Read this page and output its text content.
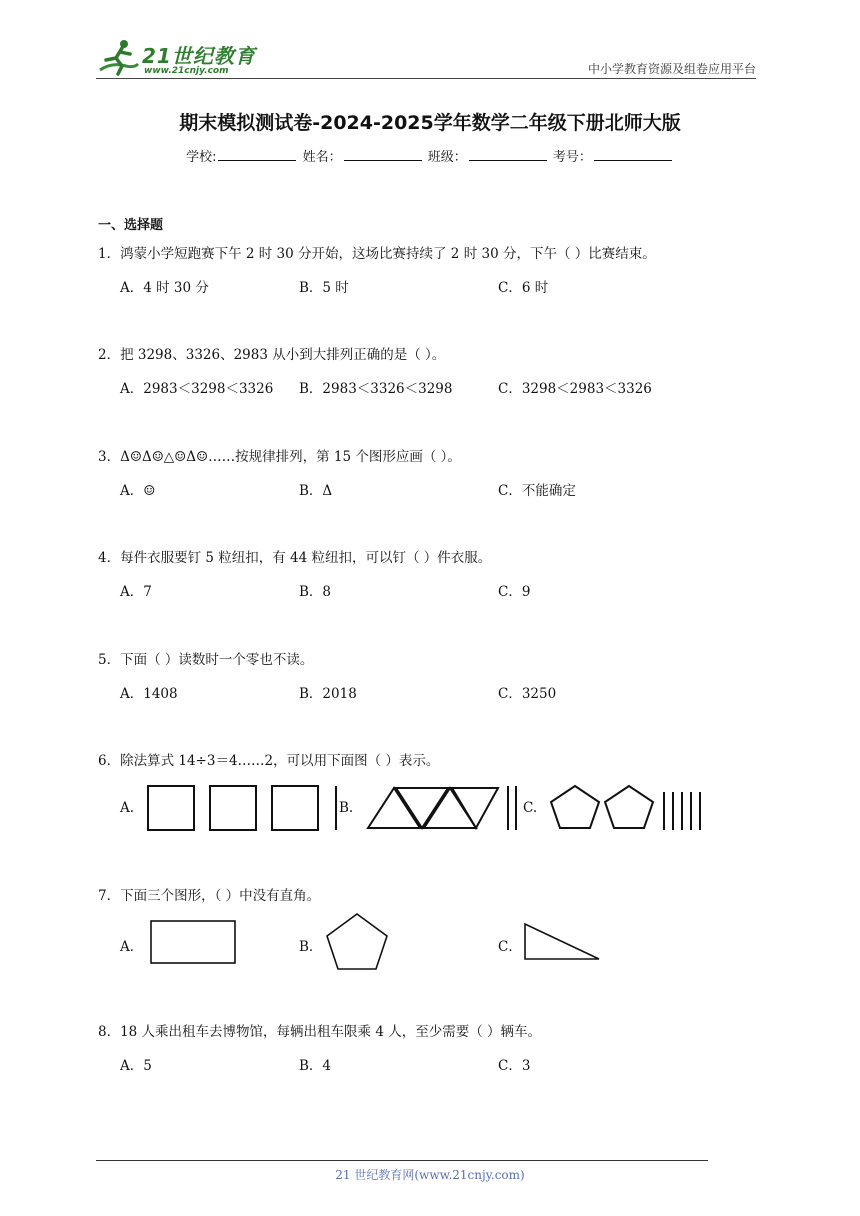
21世纪教育
www.21cnjy.com	中小学教育资源及组卷应用平台
期末模拟测试卷-2024-2025学年数学二年级下册北师大版
学校:	姓名：	班级：	考号：
一、选择题
1．鸿蒙小学短跑赛下午 2 时 30 分开始，这场比赛持续了 2 时 30 分，下午（ ）比赛结束。
A．4 时 30 分	B．5 时	C．6 时
2．把 3298、3326、2983 从小到大排列正确的是（ ）。
A．2983＜3298＜3326 B．2983＜3326＜3298	C．3298＜2983＜3326
3．Δ☺Δ☺△☺Δ☺……按规律排列，第 15 个图形应画（ ）。
A．☺	B．Δ	C．不能确定
4．每件衣服要钉 5 粒纽扣，有 44 粒纽扣，可以钉（ ）件衣服。
A．7	B．8	C．9
5．下面（ ）读数时一个零也不读。
A．1408	B．2018	C．3250
6．除法算式 14÷3＝4……2，可以用下面图（ ）表示。
A.	B.	C.
7．下面三个图形，（ ）中没有直角。
A．	B．	C．
8．18 人乘出租车去博物馆，每辆出租车限乘 4 人，至少需要（ ）辆车。
A．5	B．4	C．3
21 世纪教育网(www.21cnjy.com)
